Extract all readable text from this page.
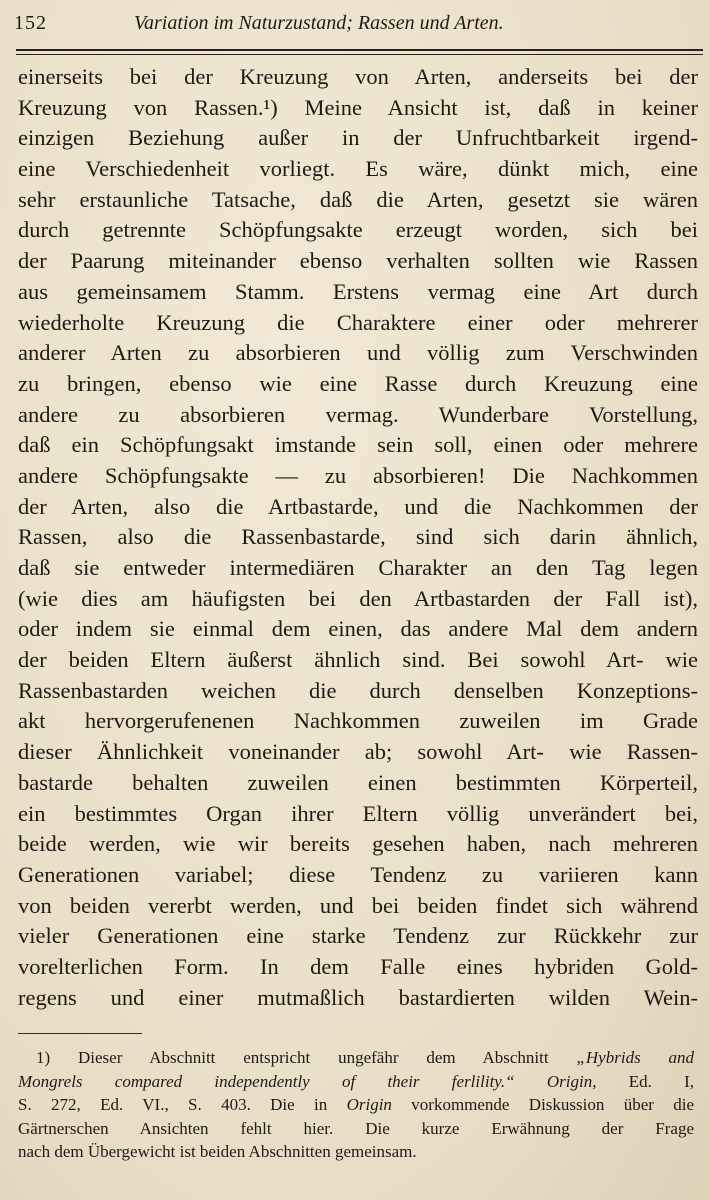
152	Variation im Naturzustand; Rassen und Arten.
einerseits bei der Kreuzung von Arten, anderseits bei der
Kreuzung von Rassen.¹) Meine Ansicht ist, daß in keiner
einzigen Beziehung außer in der Unfruchtbarkeit irgend-
eine Verschiedenheit vorliegt. Es wäre, dünkt mich, eine
sehr erstaunliche Tatsache, daß die Arten, gesetzt sie wären
durch getrennte Schöpfungsakte erzeugt worden, sich bei
der Paarung miteinander ebenso verhalten sollten wie Rassen
aus gemeinsamem Stamm. Erstens vermag eine Art durch
wiederholte Kreuzung die Charaktere einer oder mehrerer
anderer Arten zu absorbieren und völlig zum Verschwinden
zu bringen, ebenso wie eine Rasse durch Kreuzung eine
andere zu absorbieren vermag. Wunderbare Vorstellung,
daß ein Schöpfungsakt imstande sein soll, einen oder mehrere
andere Schöpfungsakte — zu absorbieren! Die Nachkommen
der Arten, also die Artbastarde, und die Nachkommen der
Rassen, also die Rassenbastarde, sind sich darin ähnlich,
daß sie entweder intermediären Charakter an den Tag legen
(wie dies am häufigsten bei den Artbastarden der Fall ist),
oder indem sie einmal dem einen, das andere Mal dem andern
der beiden Eltern äußerst ähnlich sind. Bei sowohl Art- wie
Rassenbastarden weichen die durch denselben Konzeptions-
akt hervorgerufenenen Nachkommen zuweilen im Grade
dieser Ähnlichkeit voneinander ab; sowohl Art- wie Rassen-
bastarde behalten zuweilen einen bestimmten Körperteil,
ein bestimmtes Organ ihrer Eltern völlig unverändert bei,
beide werden, wie wir bereits gesehen haben, nach mehreren
Generationen variabel; diese Tendenz zu variieren kann
von beiden vererbt werden, und bei beiden findet sich während
vieler Generationen eine starke Tendenz zur Rückkehr zur
vorelterlichen Form. In dem Falle eines hybriden Gold-
regens und einer mutmaßlich bastardierten wilden Wein-
1) Dieser Abschnitt entspricht ungefähr dem Abschnitt „Hybrids and
Mongrels compared independently of their ferlility.“ Origin, Ed. I,
S. 272, Ed. VI., S. 403. Die in Origin vorkommende Diskussion über die
Gärtnerschen Ansichten fehlt hier. Die kurze Erwähnung der Frage
nach dem Übergewicht ist beiden Abschnitten gemeinsam.
